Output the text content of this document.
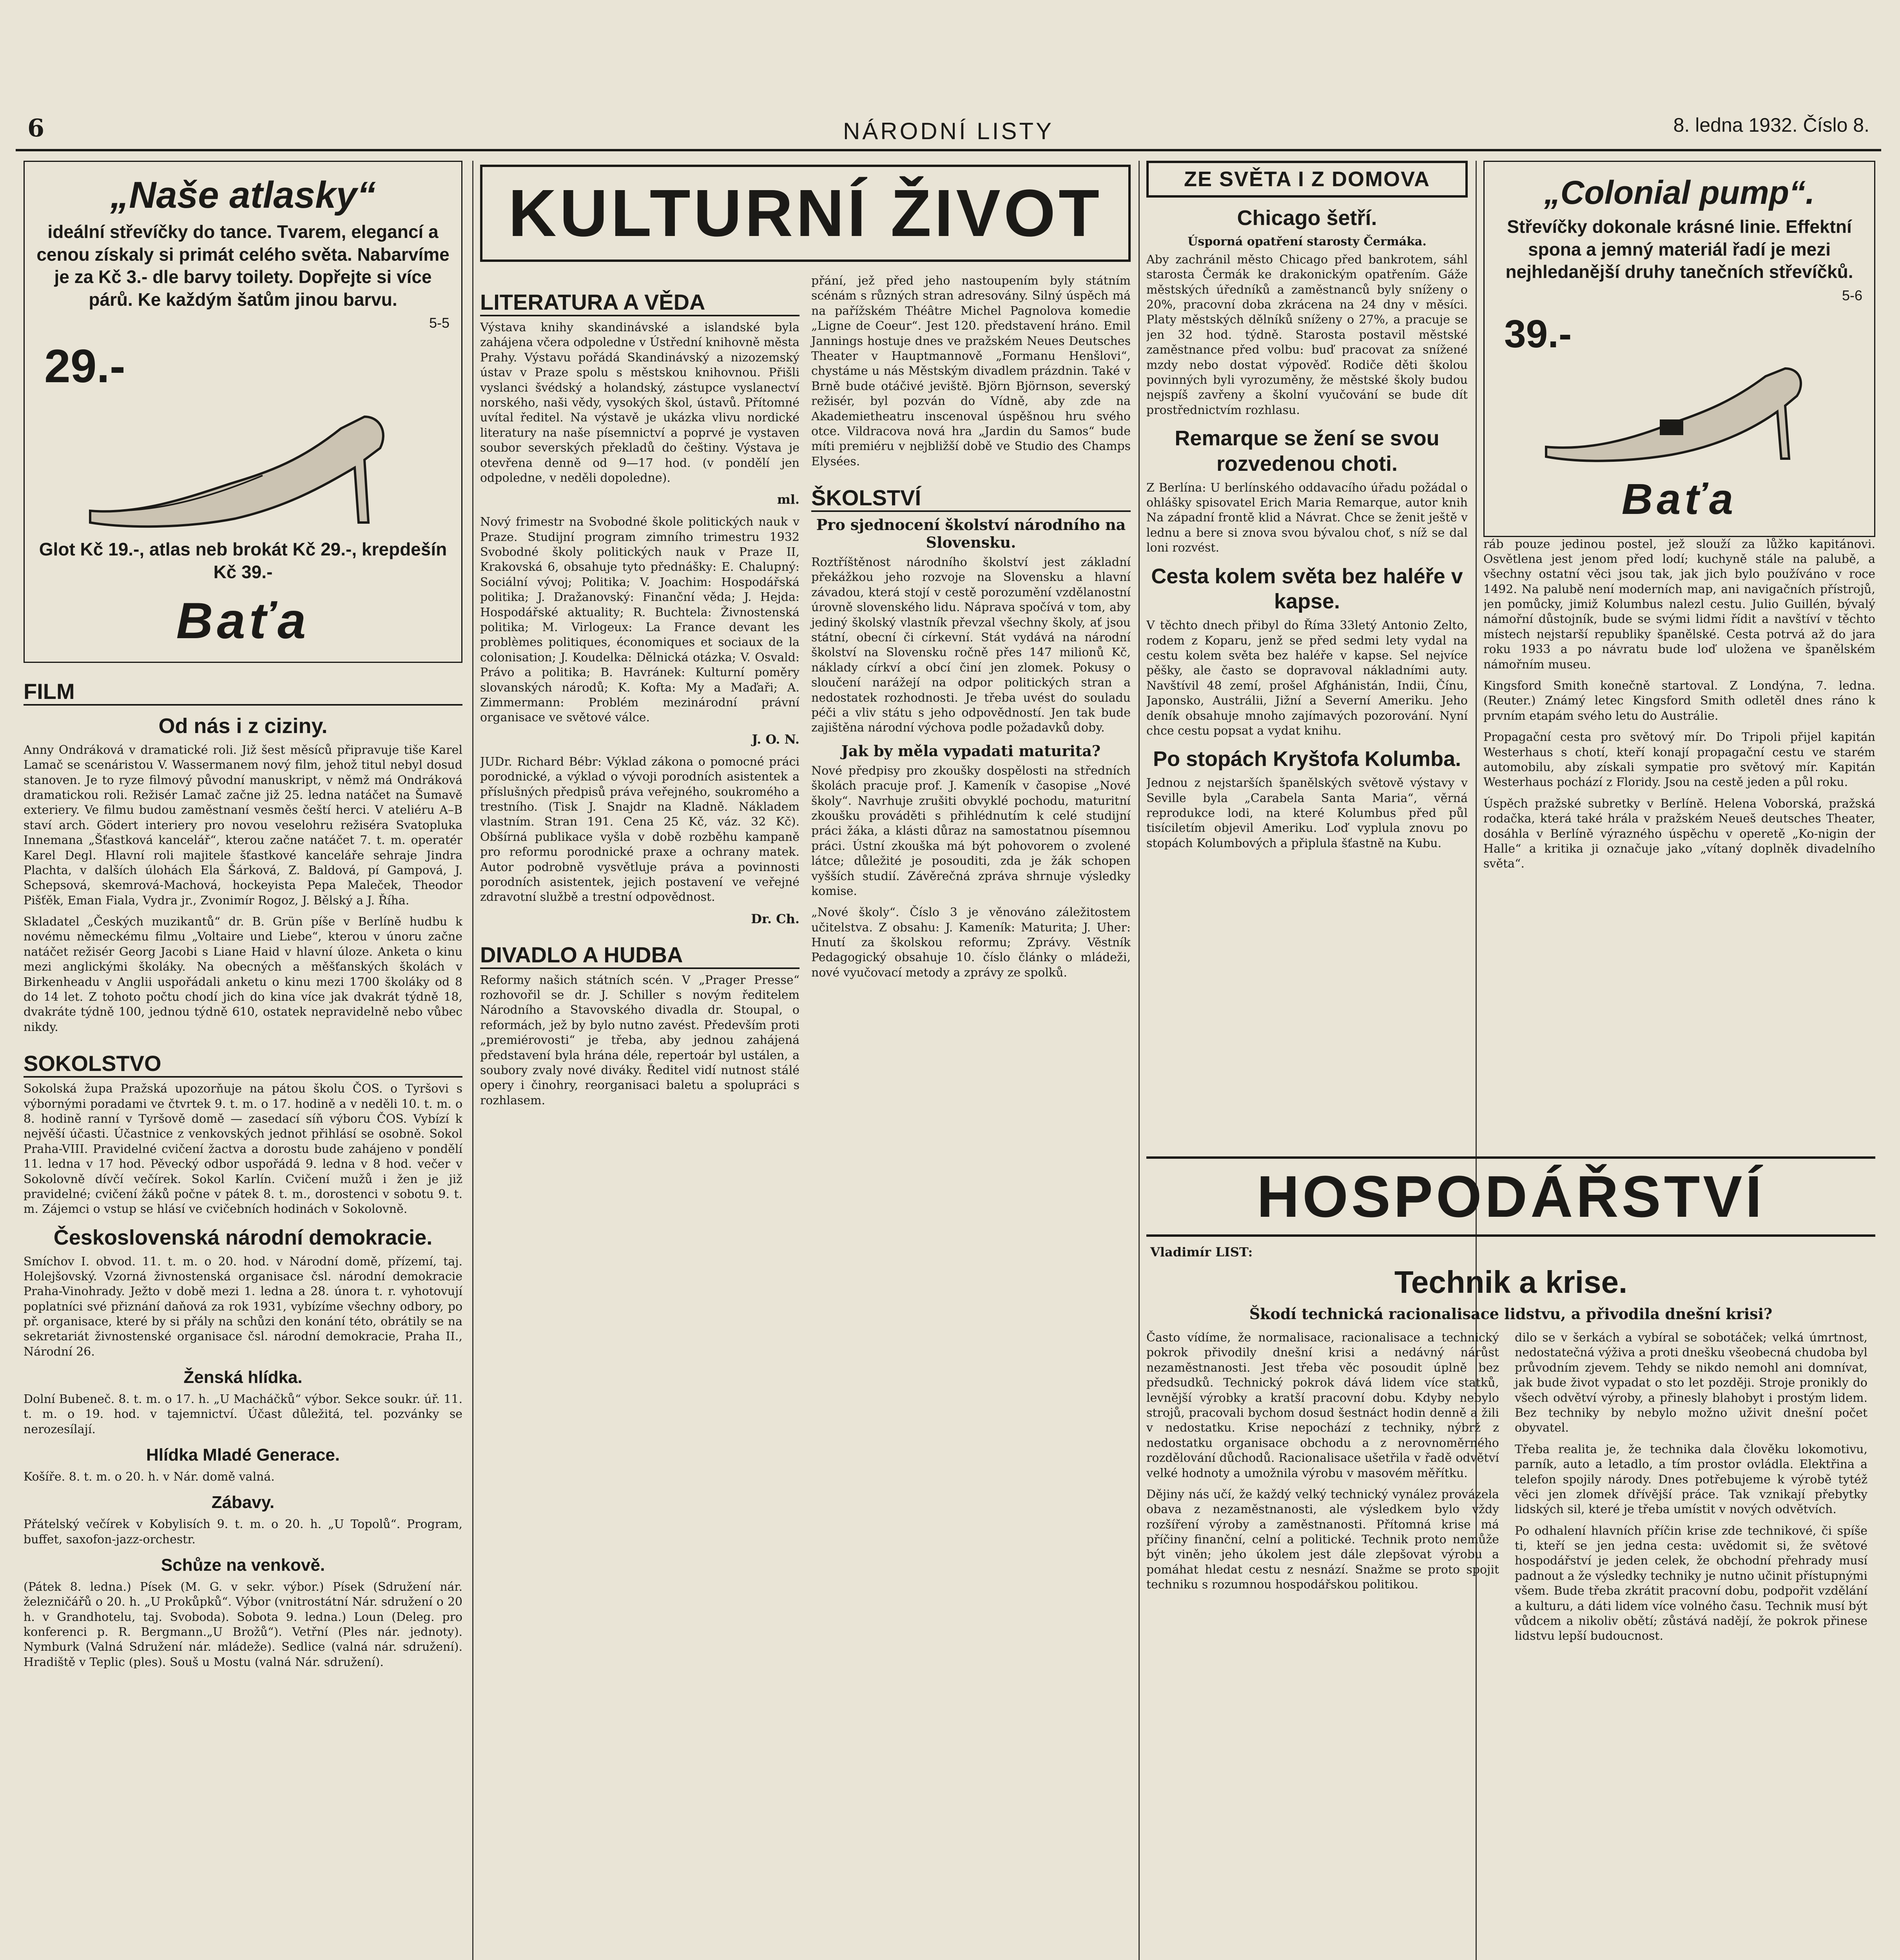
6	NÁRODNÍ LISTY	8. ledna 1932. Číslo 8.
„Naše atlasky“

ideální střevíčky do tance. Tvarem, elegancí a cenou získaly si primát celého světa. Nabarvíme je za Kč 3.- dle barvy toilety. Dopřejte si více párů. Ke každým šatům jinou barvu.

5-5
29.-

Glot Kč 19.-, atlas neb brokát Kč 29.-, krepdešín Kč 39.-

Baťa
FILM
Od nás i z ciziny.

Anny Ondráková v dramatické roli. Již šest měsíců připravuje tiše Karel Lamač se scenáristou V. Wassermanem nový film, jehož titul nebyl dosud stanoven. Je to ryze filmový původní manuskript, v němž má Ondráková dramatickou roli. Režisér Lamač začne již 25. ledna natáčet na Šumavě exteriery. Ve filmu budou zaměstnaní vesměs čeští herci. V ateliéru A–B staví arch. Gödert interiery pro novou veselohru režiséra Svatopluka Innemana „Šťastková kancelář“, kterou začne natáčet 7. t. m. operatér Karel Degl. Hlavní roli majitele šťastkové kanceláře sehraje Jindra Plachta, v dalších úlohách Ela Šárková, Z. Baldová, pí Gampová, J. Schepsová, skemrová-Machová, hockeyista Pepa Maleček, Theodor Pišťěk, Eman Fiala, Vydra jr., Zvonimír Rogoz, J. Bělský a J. Říha.

Skladatel „Českých muzikantů“ dr. B. Grün píše v Berlíně hudbu k novému německému filmu „Voltaire und Liebe“, kterou v únoru začne natáčet režisér Georg Jacobi s Liane Haid v hlavní úloze. Anketa o kinu mezi anglickými školáky. Na obecných a měšťanských školách v Birkenheadu v Anglii uspořádali anketu o kinu mezi 1700 školáky od 8 do 14 let. Z tohoto počtu chodí jich do kina více jak dvakrát týdně 18, dvakráte týdně 100, jednou týdně 610, ostatek nepravidelně nebo vůbec nikdy.

SOKOLSTVO

Sokolská župa Pražská upozorňuje na pátou školu ČOS. o Tyršovi s výbornými poradami ve čtvrtek 9. t. m. o 17. hodině a v neděli 10. t. m. o 8. hodině ranní v Tyršově domě — zasedací síň výboru ČOS. Vybízí k nejvěší účasti. Účastnice z venkovských jednot přihlásí se osobně. Sokol Praha-VIII. Pravidelné cvičení žactva a dorostu bude zahájeno v pondělí 11. ledna v 17 hod. Pěvecký odbor uspořádá 9. ledna v 8 hod. večer v Sokolovně dívčí večírek. Sokol Karlín. Cvičení mužů i žen je již pravidelné; cvičení žáků počne v pátek 8. t. m., dorostenci v sobotu 9. t. m. Zájemci o vstup se hlásí ve cvičebních hodinách v Sokolovně.

Československá národní demokracie.

Smíchov I. obvod. 11. t. m. o 20. hod. v Národní domě, přízemí, taj. Holejšovský. Vzorná živnostenská organisace čsl. národní demokracie Praha-Vinohrady. Ježto v době mezi 1. ledna a 28. února t. r. vyhotovují poplatníci své přiznání daňová za rok 1931, vybízíme všechny odbory, po př. organisace, které by si přály na schůzi den konání této, obrátily se na sekretariát živnostenské organisace čsl. národní demokracie, Praha II., Národní 26.

Ženská hlídka.

Dolní Bubeneč. 8. t. m. o 17. h. „U Macháčků“ výbor. Sekce soukr. úř. 11. t. m. o 19. hod. v tajemnictví. Účast důležitá, tel. pozvánky se nerozesílají.

Hlídka Mladé Generace.

Košíře. 8. t. m. o 20. h. v Nár. domě valná.

Zábavy.

Přátelský večírek v Kobylisích 9. t. m. o 20. h. „U Topolů“. Program, buffet, saxofon-jazz-orchestr.

Schůze na venkově.

(Pátek 8. ledna.) Písek (M. G. v sekr. výbor.) Písek (Sdružení nár. železničářů o 20. h. „U Prokůpků“. Výbor (vnitrostátní Nár. sdružení o 20 h. v Grandhotelu, taj. Svoboda). Sobota 9. ledna.) Loun (Deleg. pro konferenci p. R. Bergmann.„U Brožů“). Vetřní (Ples nár. jednoty). Nymburk (Valná Sdružení nár. mládeže). Sedlice (valná nár. sdružení). Hradiště v Teplic (ples). Souš u Mostu (valná Nár. sdružení).

KULTURNÍ ŽIVOT
LITERATURA A VĚDA

Výstava knihy skandinávské a islandské byla zahájena včera odpoledne v Ústřední knihovně města Prahy. Výstavu pořádá Skandinávský a nizozemský ústav v Praze spolu s městskou knihovnou. Přišli vyslanci švédský a holandský, zástupce vyslanectví norského, naši vědy, vysokých škol, ústavů. Přítomné uvítal ředitel. Na výstavě je ukázka vlivu nordické literatury na naše písemnictví a poprvé je vystaven soubor severských překladů do češtiny. Výstava je otevřena denně od 9—17 hod. (v pondělí jen odpoledne, v neděli dopoledne).

ml.

Nový frimestr na Svobodné škole politických nauk v Praze. Studijní program zimního trimestru 1932 Svobodné školy politických nauk v Praze II, Krakovská 6, obsahuje tyto přednášky: E. Chalupný: Sociální vývoj; Politika; V. Joachim: Hospodářská politika; J. Dražanovský: Finanční věda; J. Hejda: Hospodářské aktuality; R. Buchtela: Živnostenská politika; M. Virlogeux: La France devant les problèmes politiques, économiques et sociaux de la colonisation; J. Koudelka: Dělnická otázka; V. Osvald: Právo a politika; B. Havránek: Kulturní poměry slovanských národů; K. Kofta: My a Maďaři; A. Zimmermann: Problém mezinárodní právní organisace ve světové válce.

J. O. N.

JUDr. Richard Bébr: Výklad zákona o pomocné práci porodnické, a výklad o vývoji porodních asistentek a příslušných předpisů práva veřejného, soukromého a trestního. (Tisk J. Snajdr na Kladně. Nákladem vlastním. Stran 191. Cena 25 Kč, váz. 32 Kč). Obšírná publikace vyšla v době rozběhu kampaně pro reformu porodnické praxe a ochrany matek. Autor podrobně vysvětluje práva a povinnosti porodních asistentek, jejich postavení ve veřejné zdravotní službě a trestní odpovědnost.

Dr. Ch.
DIVADLO A HUDBA

Reformy našich státních scén. V „Prager Presse“ rozhovořil se dr. J. Schiller s novým ředitelem Národního a Stavovského divadla dr. Stoupal, o reformách, jež by bylo nutno zavést. Především proti „premiérovosti“ je třeba, aby jednou zahájená představení byla hrána déle, repertoár byl ustálen, a soubory zvaly nové diváky. Ředitel vidí nutnost stálé opery i činohry, reorganisaci baletu a spolupráci s rozhlasem.

přání, jež před jeho nastoupením byly státním scénám s různých stran adresovány. Silný úspěch má na pařížském Théâtre Michel Pagnolova komedie „Ligne de Coeur“. Jest 120. představení hráno. Emil Jannings hostuje dnes ve pražském Neues Deutsches Theater v Hauptmannově „Formanu Henšlovi“, chystáme u nás Městským divadlem prázdnin. Také v Brně bude otáčivé jeviště. Björn Björnson, severský režisér, byl pozván do Vídně, aby zde na Akademietheatru inscenoval úspěšnou hru svého otce. Vildracova nová hra „Jardin du Samos“ bude míti premiéru v nejbližší době ve Studio des Champs Elysées.

ŠKOLSTVÍ
Pro sjednocení školství národního na Slovensku.

Roztříštěnost národního školství jest základní překážkou jeho rozvoje na Slovensku a hlavní závadou, která stojí v cestě porozumění vzdělanostní úrovně slovenského lidu. Náprava spočívá v tom, aby jediný školský vlastník převzal všechny školy, ať jsou státní, obecní či církevní. Stát vydává na národní školství na Slovensku ročně přes 147 milionů Kč, náklady církví a obcí činí jen zlomek. Pokusy o sloučení narážejí na odpor politických stran a nedostatek rozhodnosti. Je třeba uvést do souladu péči a vliv státu s jeho odpovědností. Jen tak bude zajištěna národní výchova podle požadavků doby.

Jak by měla vypadati maturita?

Nové předpisy pro zkoušky dospělosti na středních školách pracuje prof. J. Kameník v časopise „Nové školy“. Navrhuje zrušiti obvyklé pochodu, maturitní zkoušku prováděti s přihlédnutím k celé studijní práci žáka, a klásti důraz na samostatnou písemnou práci. Ústní zkouška má být pohovorem o zvolené látce; důležité je posouditi, zda je žák schopen vyšších studií. Závěrečná zpráva shrnuje výsledky komise.

„Nové školy“. Číslo 3 je věnováno záležitostem učitelstva. Z obsahu: J. Kameník: Maturita; J. Uher: Hnutí za školskou reformu; Zprávy. Věstník Pedagogický obsahuje 10. číslo články o mládeži, nové vyučovací metody a zprávy ze spolků.

ZE SVĚTA I Z DOMOVA
Chicago šetří.
Úsporná opatření starosty Čermáka.

Aby zachránil město Chicago před bankrotem, sáhl starosta Čermák ke drakonickým opatřením. Gáže městských úředníků a zaměstnanců byly sníženy o 20%, pracovní doba zkrácena na 24 dny v měsíci. Platy městských dělníků sníženy o 27%, a pracuje se jen 32 hod. týdně. Starosta postavil městské zaměstnance před volbu: buď pracovat za snížené mzdy nebo dostat výpověď. Rodiče děti školou povinných byli vyrozuměny, že městské školy budou nejspíš zavřeny a školní vyučování se bude dít prostřednictvím rozhlasu.

Remarque se žení se svou rozvedenou choti.

Z Berlína: U berlínského oddavacího úřadu požádal o ohlášky spisovatel Erich Maria Remarque, autor knih Na západní frontě klid a Návrat. Chce se ženit ještě v lednu a bere si znova svou bývalou choť, s níž se dal loni rozvést.

Cesta kolem světa bez haléře v kapse.

V těchto dnech přibyl do Říma 33letý Antonio Zelto, rodem z Koparu, jenž se před sedmi lety vydal na cestu kolem světa bez haléře v kapse. Sel nejvíce pěšky, ale často se dopravoval nákladními auty. Navštívil 48 zemí, prošel Afghánistán, Indii, Čínu, Japonsko, Austrálii, Jižní a Severní Ameriku. Jeho deník obsahuje mnoho zajímavých pozorování. Nyní chce cestu popsat a vydat knihu.

Po stopách Kryštofa Kolumba.

Jednou z nejstarších španělských světově výstavy v Seville byla „Carabela Santa Maria“, věrná reprodukce lodi, na které Kolumbus před půl tisíciletím objevil Ameriku. Loď vyplula znovu po stopách Kolumbových a připlula šťastně na Kubu.

„Colonial pump“.

Střevíčky dokonale krásné linie. Effektní spona a jemný materiál řadí je mezi nejhledanější druhy tanečních střevíčků.

5-6
39.-
Baťa

ráb pouze jedinou postel, jež slouží za lůžko kapitánovi. Osvětlena jest jenom před lodí; kuchyně stále na palubě, a všechny ostatní věci jsou tak, jak jich bylo používáno v roce 1492. Na palubě není moderních map, ani navigačních přístrojů, jen pomůcky, jimiž Kolumbus nalezl cestu. Julio Guillén, bývalý námořní důstojník, bude se svými lidmi řídit a navštíví v těchto místech nejstarší republiky španělské. Cesta potrvá až do jara roku 1933 a po návratu bude loď uložena ve španělském námořním museu.

Kingsford Smith konečně startoval. Z Londýna, 7. ledna. (Reuter.) Známý letec Kingsford Smith odletěl dnes ráno k prvním etapám svého letu do Austrálie.

Propagační cesta pro světový mír. Do Tripoli přijel kapitán Westerhaus s chotí, kteří konají propagační cestu ve starém automobilu, aby získali sympatie pro světový mír. Kapitán Westerhaus pochází z Floridy. Jsou na cestě jeden a půl roku.

Úspěch pražské subretky v Berlíně. Helena Voborská, pražská rodačka, která také hrála v pražském Neueš deutsches Theater, dosáhla v Berlíně výrazného úspěchu v operetě „Ko-nigin der Halle“ a kritika ji označuje jako „vítaný doplněk divadelního světa“.

HOSPODÁŘSTVÍ
Vladimír LIST:
Technik a krise.
Škodí technická racionalisace lidstvu, a přivodila dnešní krisi?

Často vídíme, že normalisace, racionalisace a technický pokrok přivodily dnešní krisi a nedávný nárůst nezaměstnanosti. Jest třeba věc posoudit úplně bez předsudků. Technický pokrok dává lidem více statků, levnější výrobky a kratší pracovní dobu. Kdyby nebylo strojů, pracovali bychom dosud šestnáct hodin denně a žili v nedostatku. Krise nepochází z techniky, nýbrž z nedostatku organisace obchodu a z nerovnoměrného rozdělování důchodů. Racionalisace ušetřila v řadě odvětví velké hodnoty a umožnila výrobu v masovém měřítku.

Dějiny nás učí, že každý velký technický vynález provázela obava z nezaměstnanosti, ale výsledkem bylo vždy rozšíření výroby a zaměstnanosti. Přítomná krise má příčiny finanční, celní a politické. Technik proto nemůže být viněn; jeho úkolem jest dále zlepšovat výrobu a pomáhat hledat cestu z nesnází. Snažme se proto spojit techniku s rozumnou hospodářskou politikou.

dilo se v šerkách a vybíral se sobotáček; velká úmrtnost, nedostatečná výživa a proti dnešku všeobecná chudoba byl průvodním zjevem. Tehdy se nikdo nemohl ani domnívat, jak bude život vypadat o sto let později. Stroje pronikly do všech odvětví výroby, a přinesly blahobyt i prostým lidem. Bez techniky by nebylo možno uživit dnešní počet obyvatel.

Třeba realita je, že technika dala člověku lokomotivu, parník, auto a letadlo, a tím prostor ovládla. Elektřina a telefon spojily národy. Dnes potřebujeme k výrobě tytéž věci jen zlomek dřívější práce. Tak vznikají přebytky lidských sil, které je třeba umístit v nových odvětvích.

Po odhalení hlavních příčin krise zde technikové, či spíše ti, kteří se jen jedna cesta: uvědomit si, že světové hospodářství je jeden celek, že obchodní přehrady musí padnout a že výsledky techniky je nutno učinit přístupnými všem. Bude třeba zkrátit pracovní dobu, podpořit vzdělání a kulturu, a dáti lidem více volného času. Technik musí být vůdcem a nikoliv obětí; zůstává nadějí, že pokrok přinese lidstvu lepší budoucnost.
